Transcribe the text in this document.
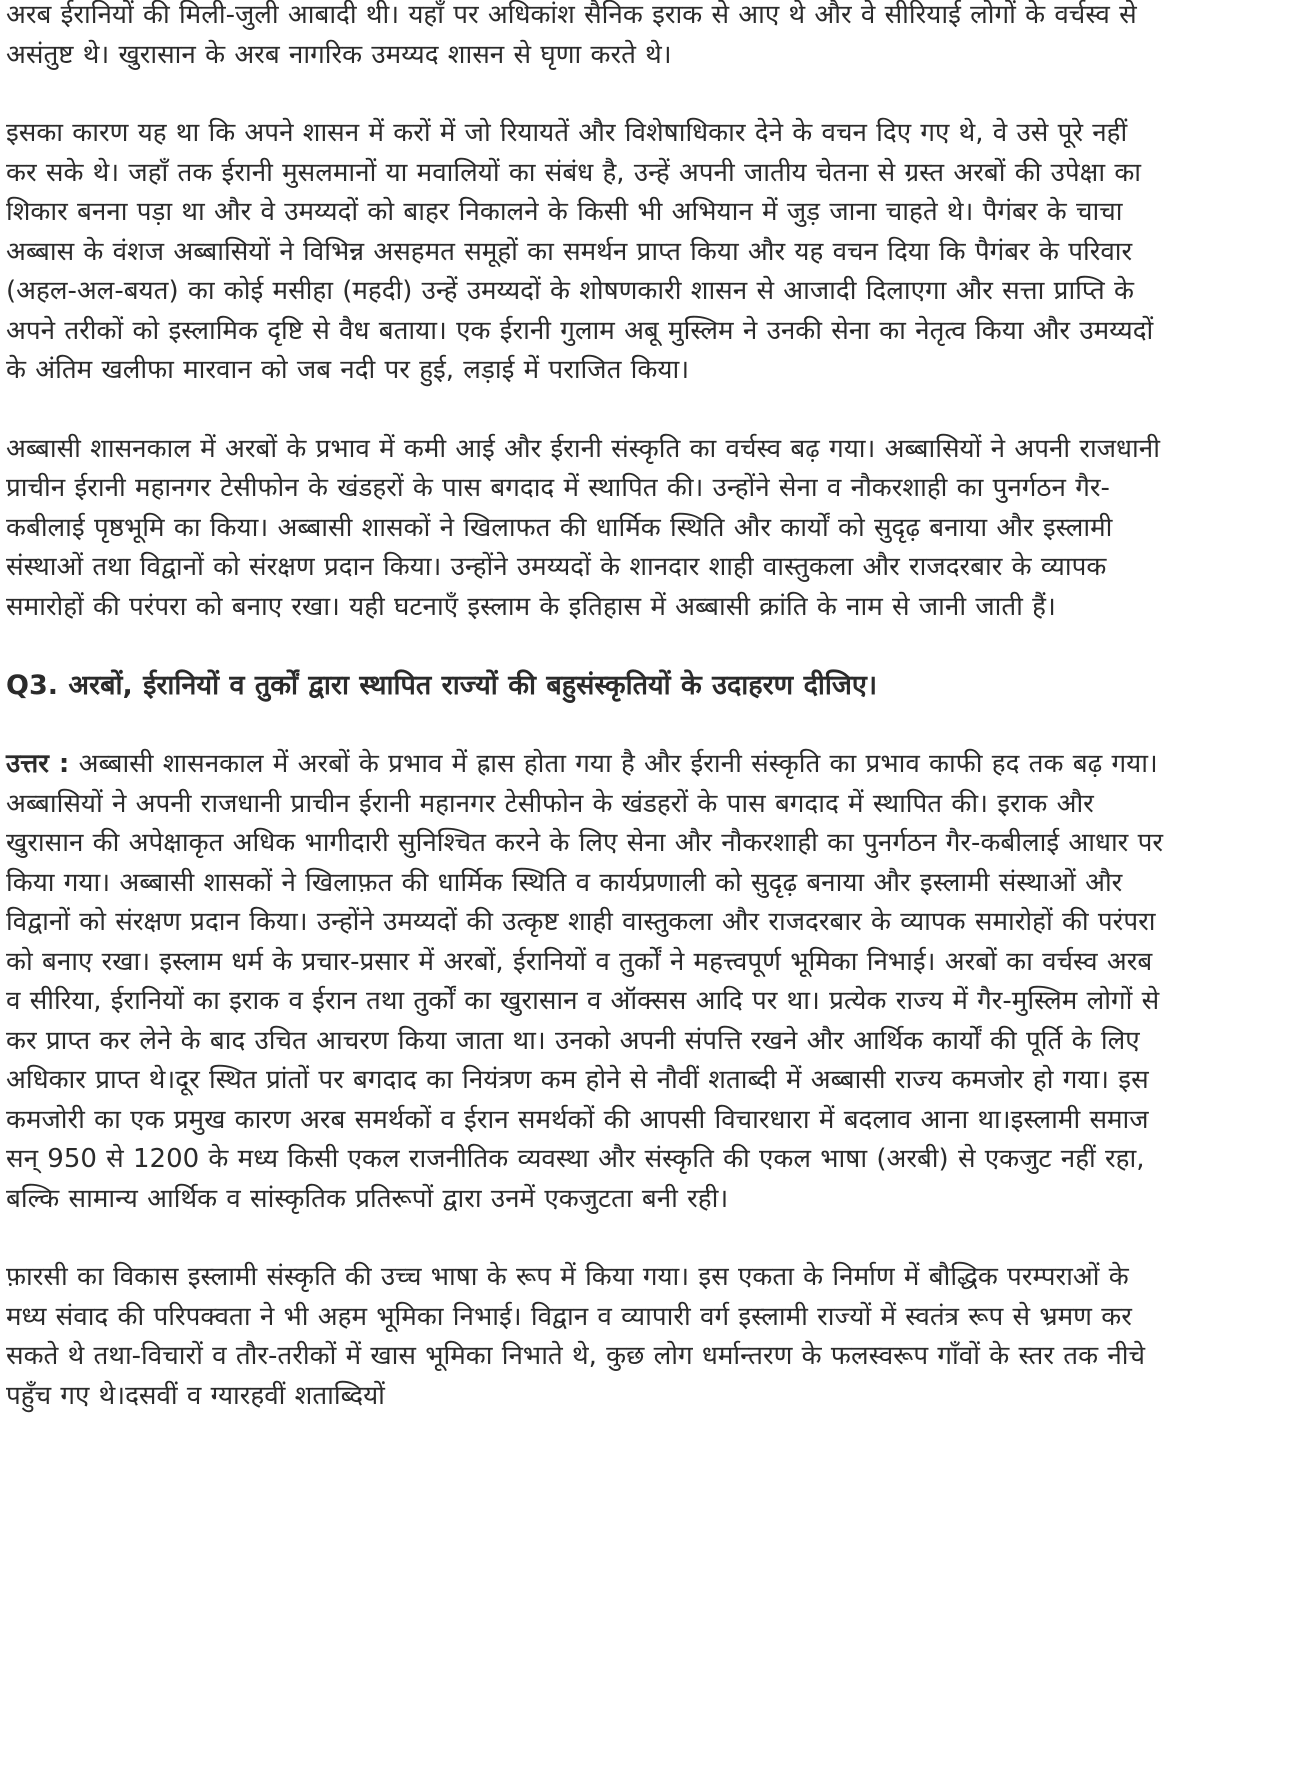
अरब ईरानियों की मिली-जुली आबादी थी। यहाँ पर अधिकांश सैनिक इराक से आए थे और वे सीरियाई लोगों के वर्चस्व से असंतुष्ट थे। खुरासान के अरब नागरिक उमय्यद शासन से घृणा करते थे।

इसका कारण यह था कि अपने शासन में करों में जो रियायतें और विशेषाधिकार देने के वचन दिए गए थे, वे उसे पूरे नहीं कर सके थे। जहाँ तक ईरानी मुसलमानों या मवालियों का संबंध है, उन्हें अपनी जातीय चेतना से ग्रस्त अरबों की उपेक्षा का शिकार बनना पड़ा था और वे उमय्यदों को बाहर निकालने के किसी भी अभियान में जुड़ जाना चाहते थे। पैगंबर के चाचा अब्बास के वंशज अब्बासियों ने विभिन्न असहमत समूहों का समर्थन प्राप्त किया और यह वचन दिया कि पैगंबर के परिवार (अहल-अल-बयत) का कोई मसीहा (महदी) उन्हें उमय्यदों के शोषणकारी शासन से आजादी दिलाएगा और सत्ता प्राप्ति के अपने तरीकों को इस्लामिक दृष्टि से वैध बताया। एक ईरानी गुलाम अबू मुस्लिम ने उनकी सेना का नेतृत्व किया और उमय्यदों के अंतिम खलीफा मारवान को जब नदी पर हुई, लड़ाई में पराजित किया।

अब्बासी शासनकाल में अरबों के प्रभाव में कमी आई और ईरानी संस्कृति का वर्चस्व बढ़ गया। अब्बासियों ने अपनी राजधानी प्राचीन ईरानी महानगर टेसीफोन के खंडहरों के पास बगदाद में स्थापित की। उन्होंने सेना व नौकरशाही का पुनर्गठन गैर-कबीलाई पृष्ठभूमि का किया। अब्बासी शासकों ने खिलाफत की धार्मिक स्थिति और कार्यों को सुदृढ़ बनाया और इस्लामी संस्थाओं तथा विद्वानों को संरक्षण प्रदान किया। उन्होंने उमय्यदों के शानदार शाही वास्तुकला और राजदरबार के व्यापक समारोहों की परंपरा को बनाए रखा। यही घटनाएँ इस्लाम के इतिहास में अब्बासी क्रांति के नाम से जानी जाती हैं।

Q3. अरबों, ईरानियों व तुर्कों द्वारा स्थापित राज्यों की बहुसंस्कृतियों के उदाहरण दीजिए।

उत्तर : अब्बासी शासनकाल में अरबों के प्रभाव में ह्रास होता गया है और ईरानी संस्कृति का प्रभाव काफी हद तक बढ़ गया।अब्बासियों ने अपनी राजधानी प्राचीन ईरानी महानगर टेसीफोन के खंडहरों के पास बगदाद में स्थापित की। इराक और खुरासान की अपेक्षाकृत अधिक भागीदारी सुनिश्चित करने के लिए सेना और नौकरशाही का पुनर्गठन गैर-कबीलाई आधार पर किया गया। अब्बासी शासकों ने खिलाफ़त की धार्मिक स्थिति व कार्यप्रणाली को सुदृढ़ बनाया और इस्लामी संस्थाओं और विद्वानों को संरक्षण प्रदान किया। उन्होंने उमय्यदों की उत्कृष्ट शाही वास्तुकला और राजदरबार के व्यापक समारोहों की परंपरा को बनाए रखा। इस्लाम धर्म के प्रचार-प्रसार में अरबों, ईरानियों व तुर्कों ने महत्त्वपूर्ण भूमिका निभाई। अरबों का वर्चस्व अरब व सीरिया, ईरानियों का इराक व ईरान तथा तुर्कों का खुरासान व ऑक्सस आदि पर था। प्रत्येक राज्य में गैर-मुस्लिम लोगों से कर प्राप्त कर लेने के बाद उचित आचरण किया जाता था। उनको अपनी संपत्ति रखने और आर्थिक कार्यों की पूर्ति के लिए अधिकार प्राप्त थे।दूर स्थित प्रांतों पर बगदाद का नियंत्रण कम होने से नौवीं शताब्दी में अब्बासी राज्य कमजोर हो गया। इस कमजोरी का एक प्रमुख कारण अरब समर्थकों व ईरान समर्थकों की आपसी विचारधारा में बदलाव आना था।इस्लामी समाज सन् 950 से 1200 के मध्य किसी एकल राजनीतिक व्यवस्था और संस्कृति की एकल भाषा (अरबी) से एकजुट नहीं रहा, बल्कि सामान्य आर्थिक व सांस्कृतिक प्रतिरूपों द्वारा उनमें एकजुटता बनी रही।

फ़ारसी का विकास इस्लामी संस्कृति की उच्च भाषा के रूप में किया गया। इस एकता के निर्माण में बौद्धिक परम्पराओं के मध्य संवाद की परिपक्वता ने भी अहम भूमिका निभाई। विद्वान व व्यापारी वर्ग इस्लामी राज्यों में स्वतंत्र रूप से भ्रमण कर सकते थे तथा-विचारों व तौर-तरीकों में खास भूमिका निभाते थे, कुछ लोग धर्मान्तरण के फलस्वरूप गाँवों के स्तर तक नीचे पहुँच गए थे।दसवीं व ग्यारहवीं शताब्दियों
